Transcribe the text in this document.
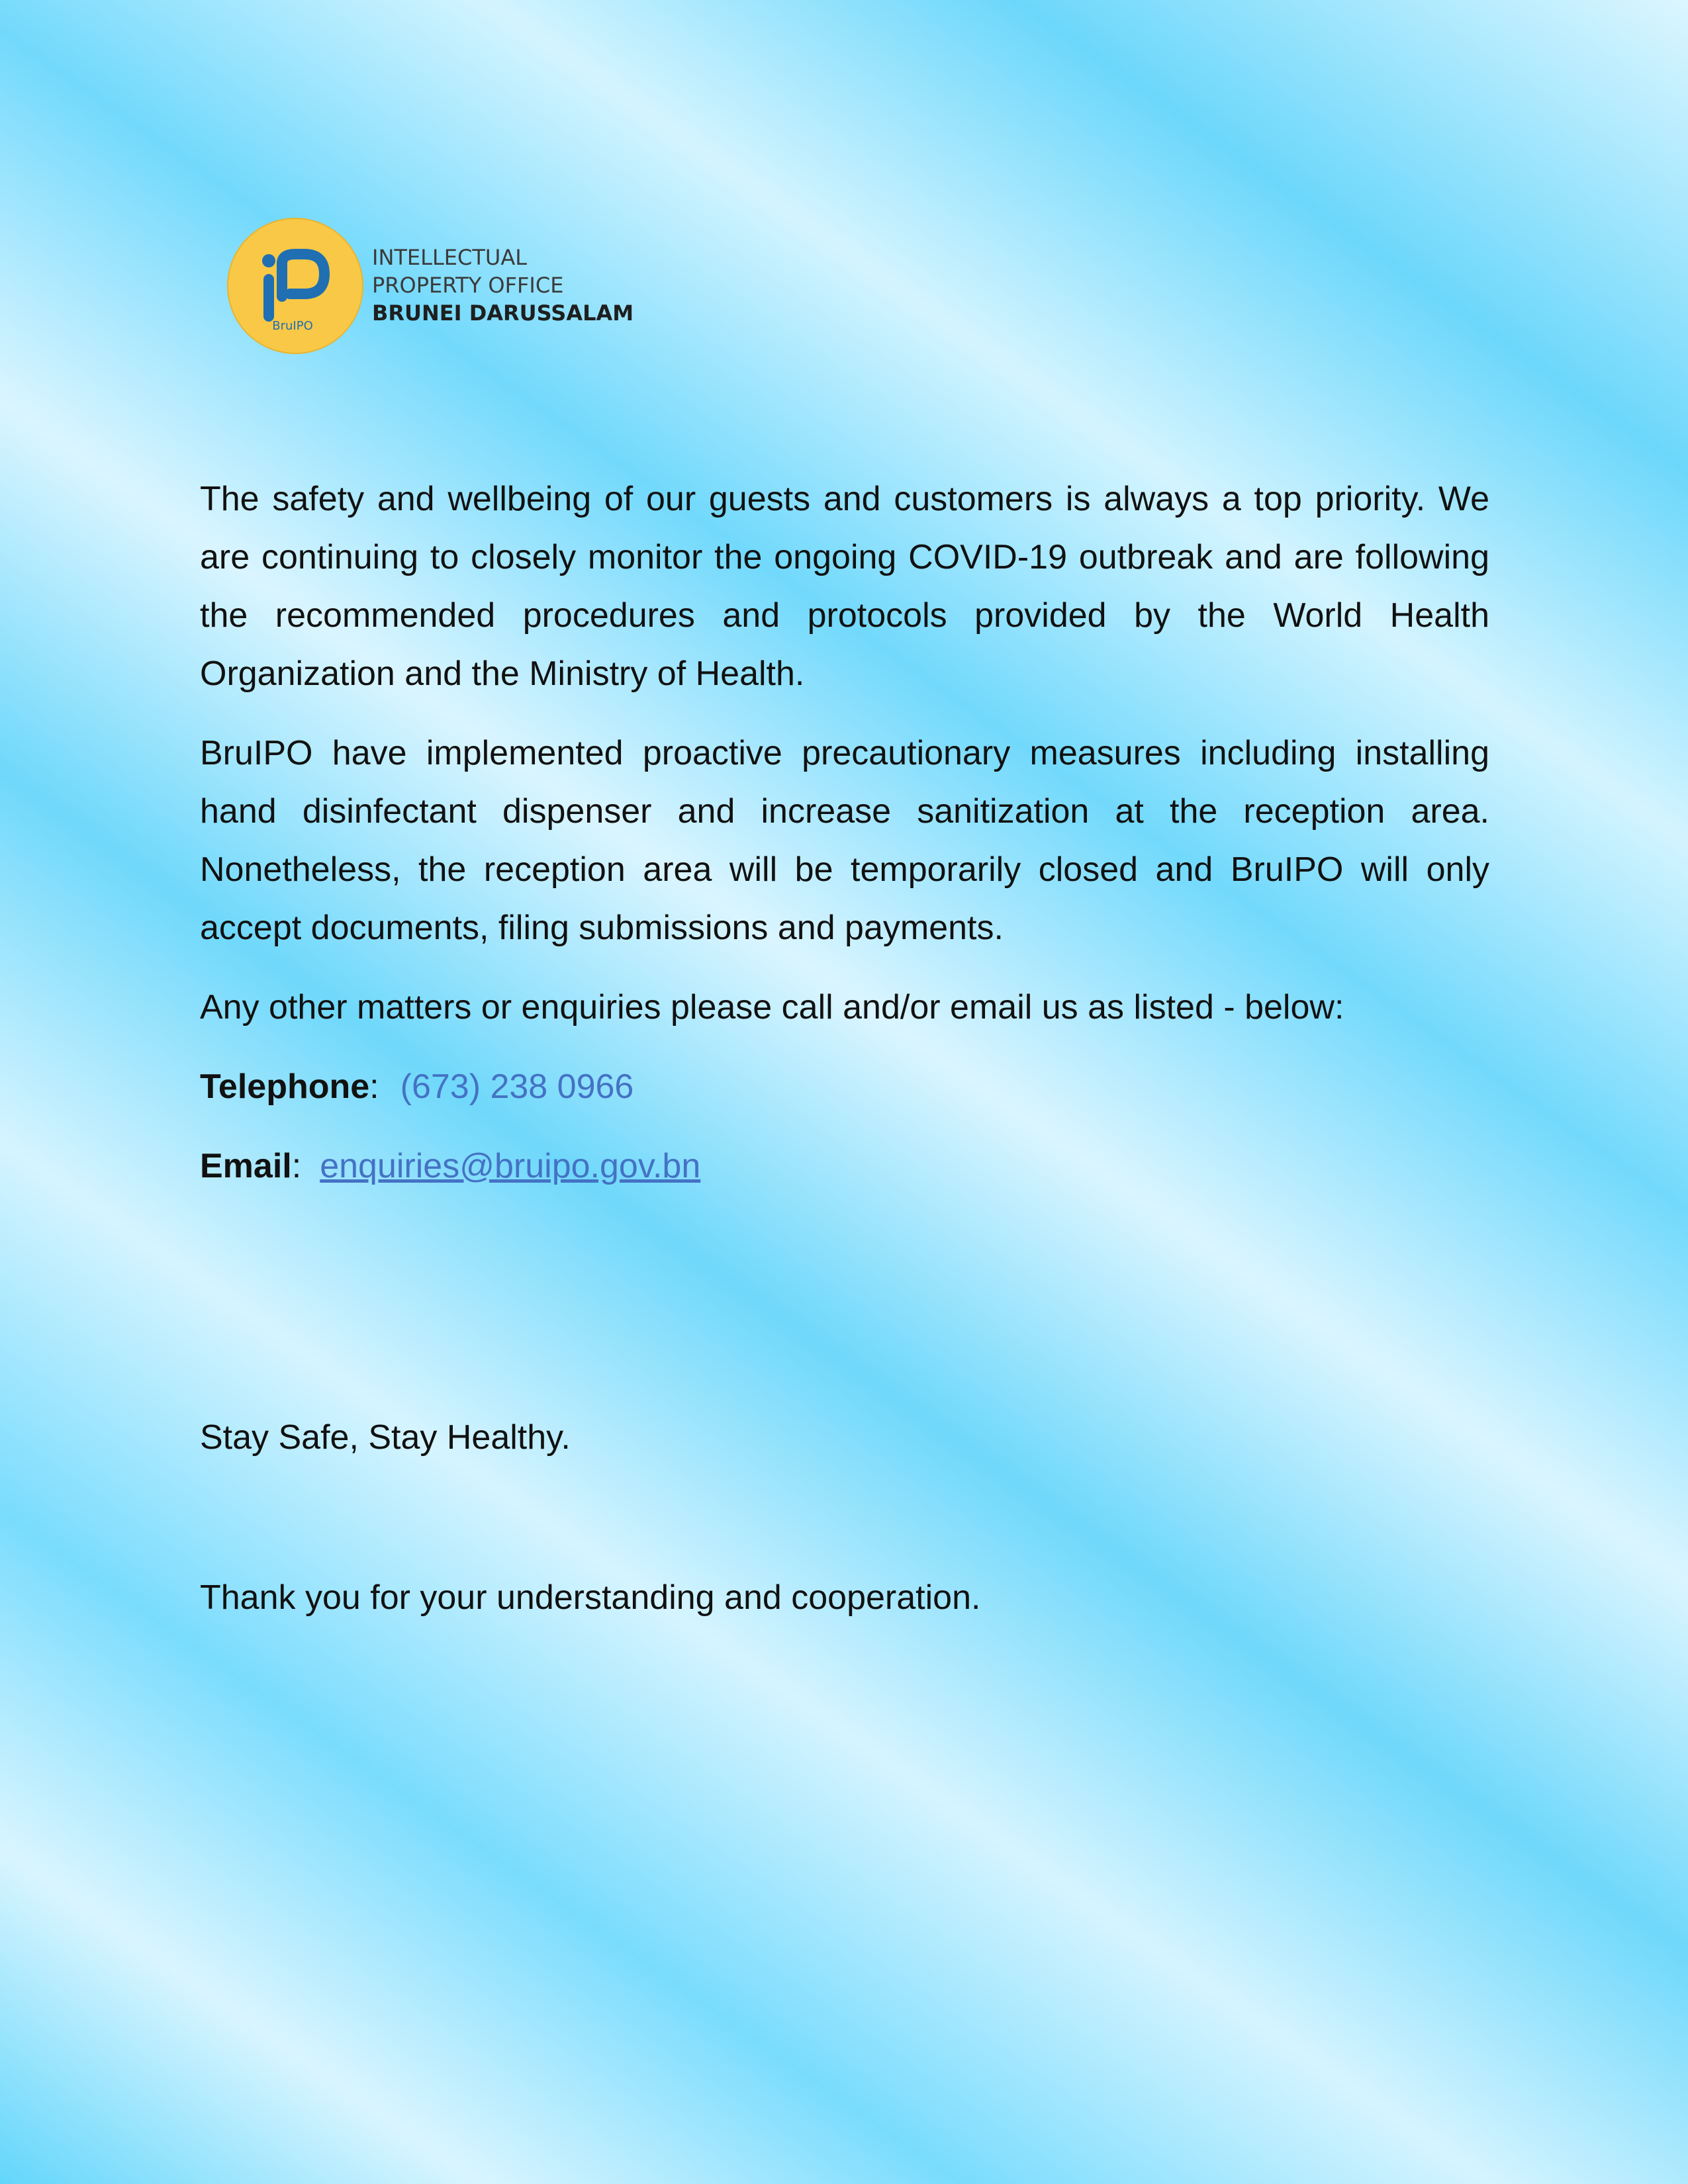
BruIPO
INTELLECTUAL
PROPERTY OFFICE
BRUNEI DARUSSALAM

The safety and wellbeing of our guests and customers is always a top priority. We are continuing to closely monitor the ongoing COVID-19 outbreak and are following the recommended procedures and protocols provided by the World Health Organization and the Ministry of Health.

BruIPO have implemented proactive precautionary measures including installing hand disinfectant dispenser and increase sanitization at the reception area. Nonetheless, the reception area will be temporarily closed and BruIPO will only accept documents, filing submissions and payments.

Any other matters or enquiries please call and/or email us as listed - below:

Telephone: (673) 238 0966

Email: enquiries@bruipo.gov.bn

Stay Safe, Stay Healthy.

Thank you for your understanding and cooperation.
